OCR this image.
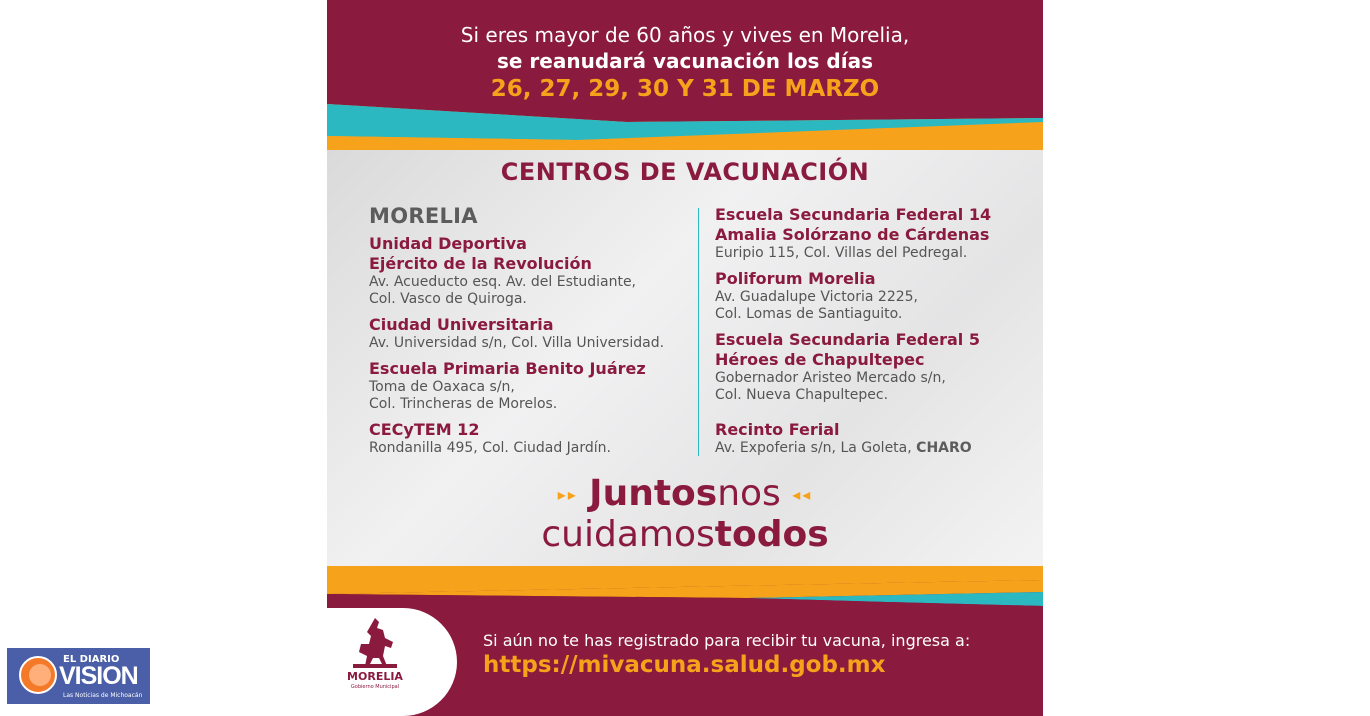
Si eres mayor de 60 años y vives en Morelia,
se reanudará vacunación los días
26, 27, 29, 30 Y 31 DE MARZO
CENTROS DE VACUNACIÓN
MORELIA
Unidad Deportiva
Ejército de la Revolución
Av. Acueducto esq. Av. del Estudiante,
Col. Vasco de Quiroga.
Ciudad Universitaria
Av. Universidad s/n, Col. Villa Universidad.
Escuela Primaria Benito Juárez
Toma de Oaxaca s/n,
Col. Trincheras de Morelos.
CECyTEM 12
Rondanilla 495, Col. Ciudad Jardín.
Escuela Secundaria Federal 14
Amalia Solórzano de Cárdenas
Euripio 115, Col. Villas del Pedregal.
Poliforum Morelia
Av. Guadalupe Victoria 2225,
Col. Lomas de Santiaguito.
Escuela Secundaria Federal 5
Héroes de Chapultepec
Gobernador Aristeo Mercado s/n,
Col. Nueva Chapultepec.
Recinto Ferial
Av. Expoferia s/n, La Goleta, CHARO
▸▸ Juntosnos ◂◂
cuidamostodos
MORELIA
Gobierno Municipal
Si aún no te has registrado para recibir tu vacuna, ingresa a:
https://mivacuna.salud.gob.mx
EL DIARIO
VISION
Las Noticias de Michoacán
